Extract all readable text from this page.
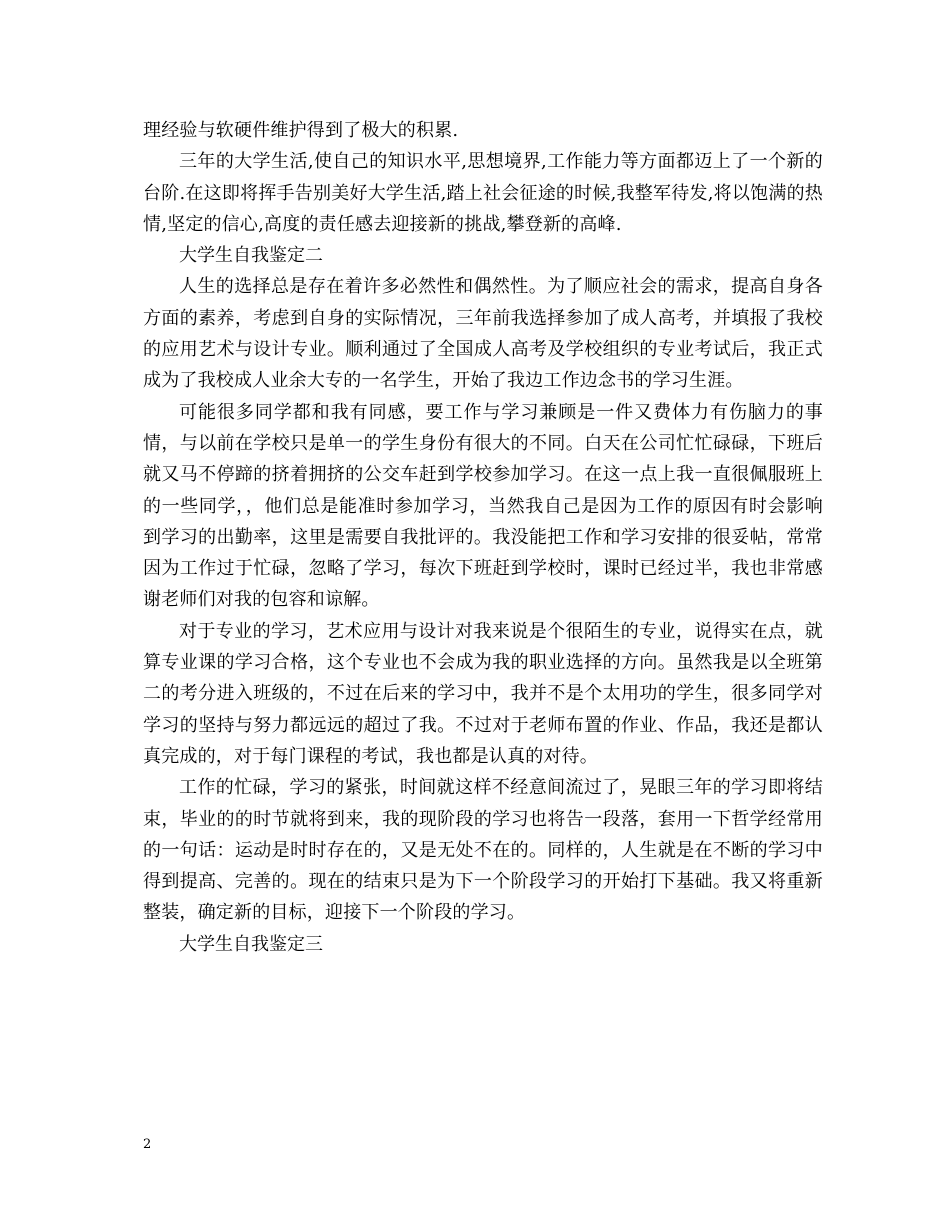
理经验与软硬件维护得到了极大的积累.

三年的大学生活,使自己的知识水平,思想境界,工作能力等方面都迈上了一个新的台阶.在这即将挥手告别美好大学生活,踏上社会征途的时候,我整军待发,将以饱满的热情,坚定的信心,高度的责任感去迎接新的挑战,攀登新的高峰.

大学生自我鉴定二

人生的选择总是存在着许多必然性和偶然性。为了顺应社会的需求，提高自身各方面的素养，考虑到自身的实际情况，三年前我选择参加了成人高考，并填报了我校的应用艺术与设计专业。顺利通过了全国成人高考及学校组织的专业考试后，我正式成为了我校成人业余大专的一名学生，开始了我边工作边念书的学习生涯。

可能很多同学都和我有同感，要工作与学习兼顾是一件又费体力有伤脑力的事情，与以前在学校只是单一的学生身份有很大的不同。白天在公司忙忙碌碌，下班后就又马不停蹄的挤着拥挤的公交车赶到学校参加学习。在这一点上我一直很佩服班上的一些同学，，他们总是能准时参加学习，当然我自己是因为工作的原因有时会影响到学习的出勤率，这里是需要自我批评的。我没能把工作和学习安排的很妥帖，常常因为工作过于忙碌，忽略了学习，每次下班赶到学校时，课时已经过半，我也非常感谢老师们对我的包容和谅解。

对于专业的学习，艺术应用与设计对我来说是个很陌生的专业，说得实在点，就算专业课的学习合格，这个专业也不会成为我的职业选择的方向。虽然我是以全班第二的考分进入班级的，不过在后来的学习中，我并不是个太用功的学生，很多同学对学习的坚持与努力都远远的超过了我。不过对于老师布置的作业、作品，我还是都认真完成的，对于每门课程的考试，我也都是认真的对待。

工作的忙碌，学习的紧张，时间就这样不经意间流过了，晃眼三年的学习即将结束，毕业的的时节就将到来，我的现阶段的学习也将告一段落，套用一下哲学经常用的一句话：运动是时时存在的，又是无处不在的。同样的，人生就是在不断的学习中得到提高、完善的。现在的结束只是为下一个阶段学习的开始打下基础。我又将重新整装，确定新的目标，迎接下一个阶段的学习。

大学生自我鉴定三

2
